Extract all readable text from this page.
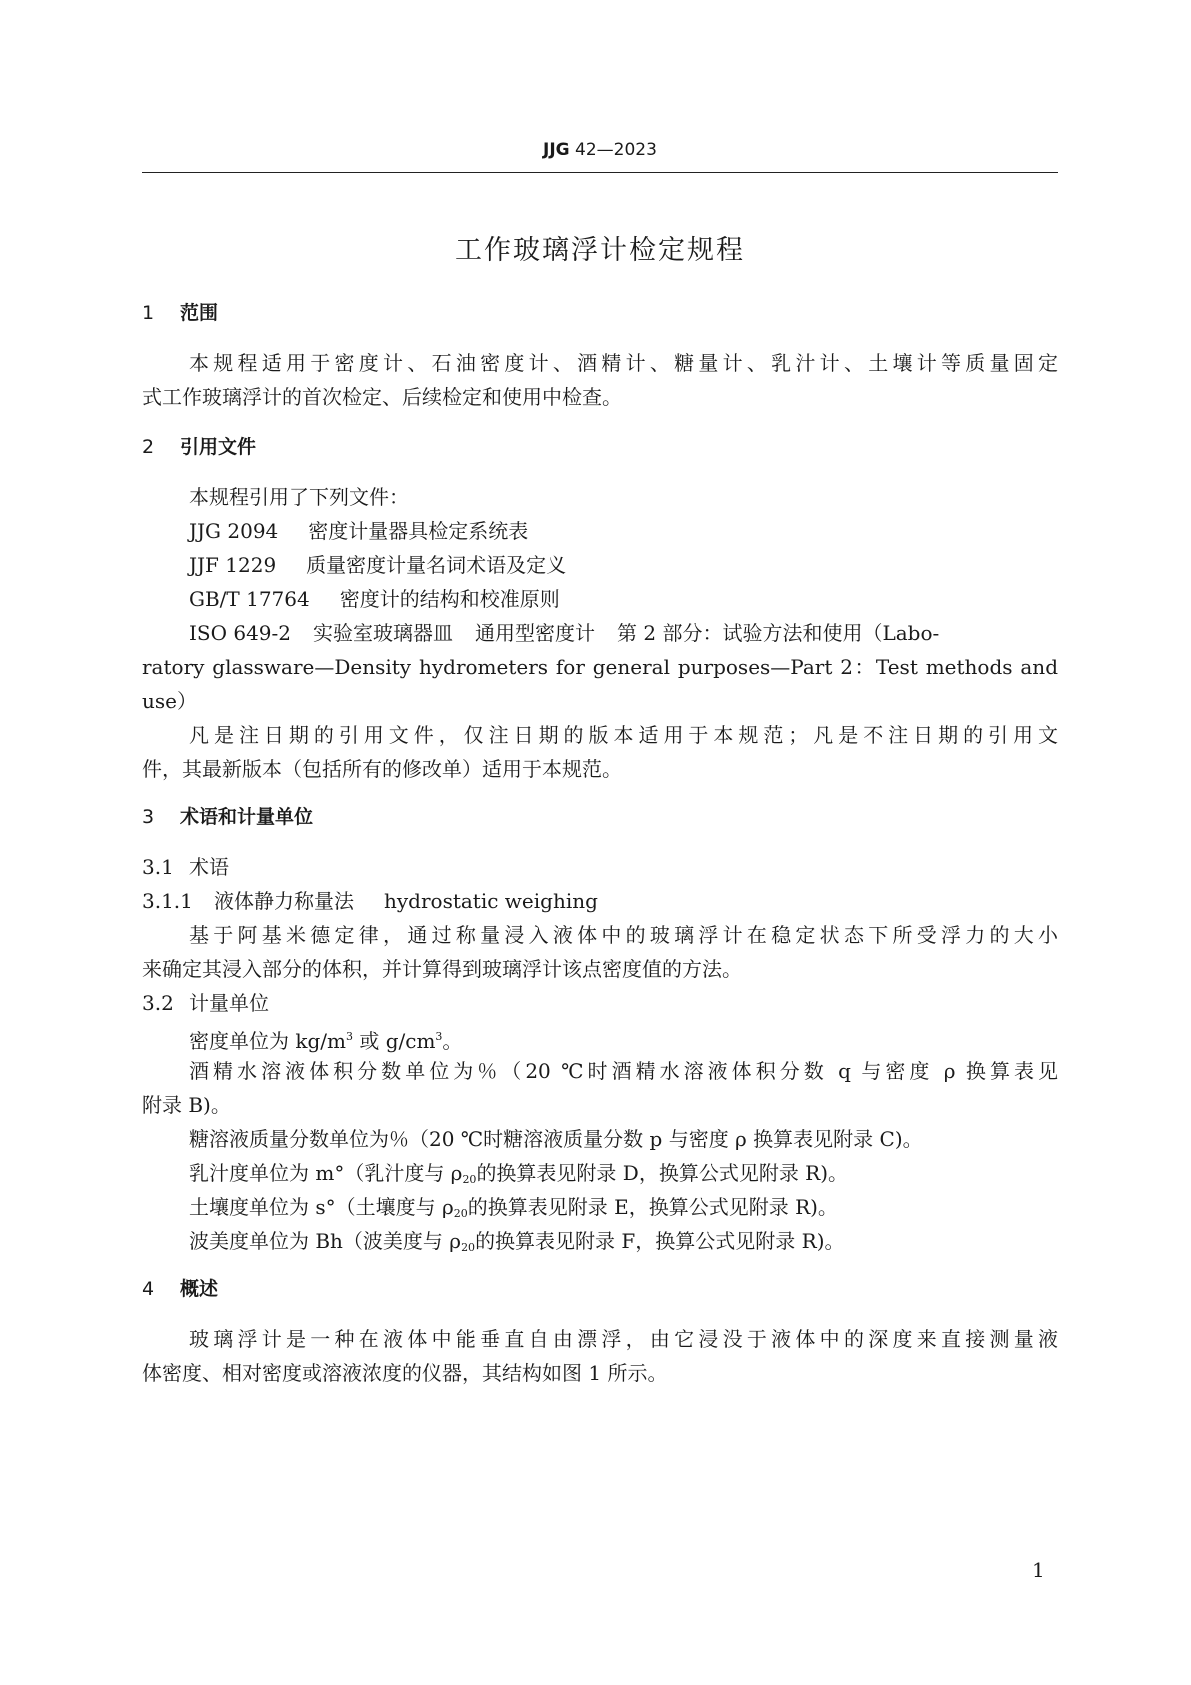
JJG 42—2023
工作玻璃浮计检定规程
1 范围
本规程适用于密度计、石油密度计、酒精计、糖量计、乳汁计、土壤计等质量固定
式工作玻璃浮计的首次检定、后续检定和使用中检查。
2 引用文件
本规程引用了下列文件：
JJG 2094 密度计量器具检定系统表
JJF 1229 质量密度计量名词术语及定义
GB/T 17764 密度计的结构和校准原则
ISO 649-2 实验室玻璃器皿 通用型密度计 第 2 部分：试验方法和使用（Labo-
ratory glassware—Density hydrometers for general purposes—Part 2：Test methods and
use）
凡是注日期的引用文件，仅注日期的版本适用于本规范；凡是不注日期的引用文
件，其最新版本（包括所有的修改单）适用于本规范。
3 术语和计量单位
3.1 术语
3.1.1 液体静力称量法 hydrostatic weighing
基于阿基米德定律，通过称量浸入液体中的玻璃浮计在稳定状态下所受浮力的大小
来确定其浸入部分的体积，并计算得到玻璃浮计该点密度值的方法。
3.2 计量单位
密度单位为 $kg/m^3$ 或 $g/cm^3$。
酒精水溶液体积分数单位为％（20 ℃时酒精水溶液体积分数 q 与密度 ρ 换算表见
附录 B)。
糖溶液质量分数单位为％（20 ℃时糖溶液质量分数 p 与密度 ρ 换算表见附录 C)。
乳汁度单位为 m°（乳汁度与 $\rho_{20}$的换算表见附录 D，换算公式见附录 R)。
土壤度单位为 s°（土壤度与 $\rho_{20}$的换算表见附录 E，换算公式见附录 R)。
波美度单位为 Bh（波美度与 $\rho_{20}$的换算表见附录 F，换算公式见附录 R)。
4 概述
玻璃浮计是一种在液体中能垂直自由漂浮，由它浸没于液体中的深度来直接测量液
体密度、相对密度或溶液浓度的仪器，其结构如图 1 所示。
1
